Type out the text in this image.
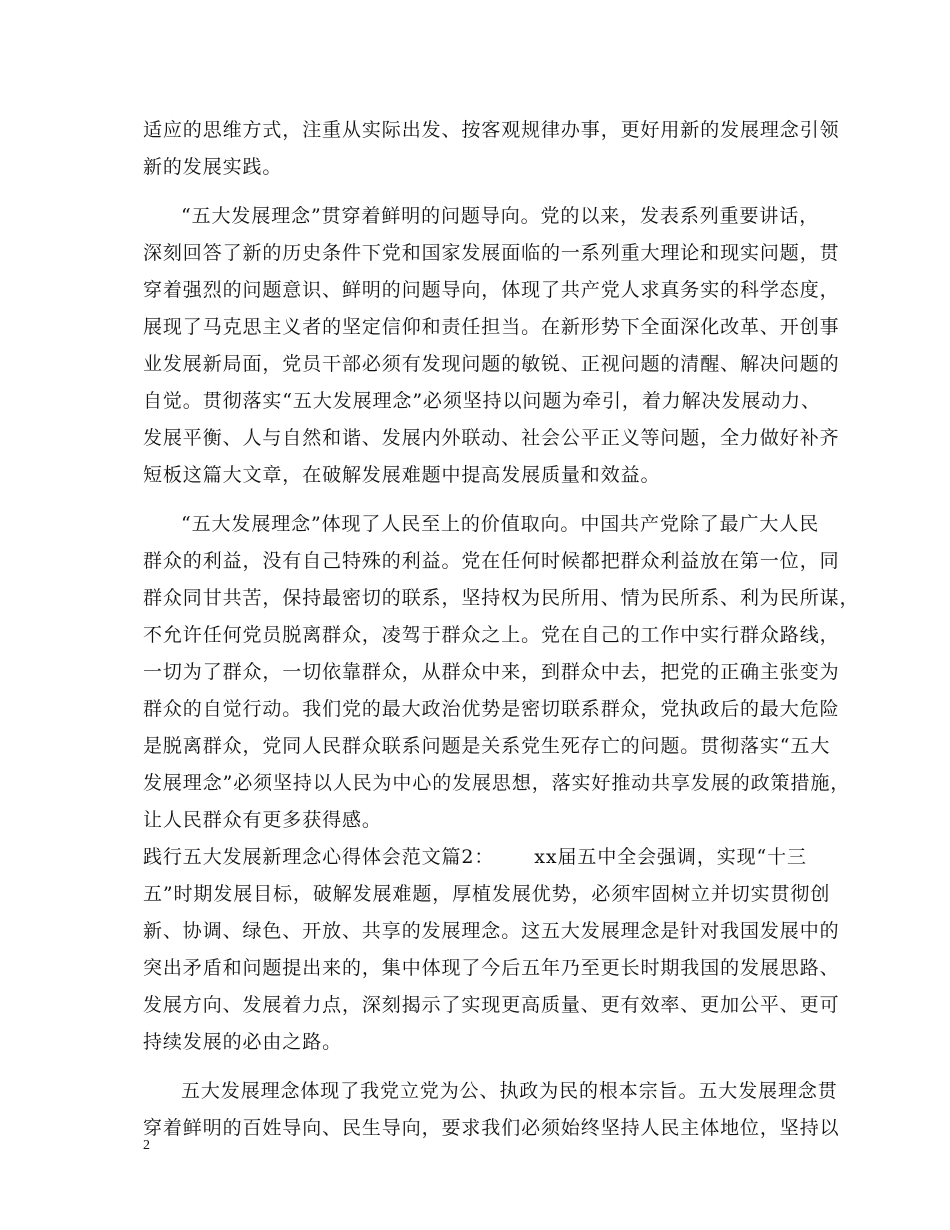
适应的思维方式，注重从实际出发、按客观规律办事，更好用新的发展理念引领
新的发展实践。
“五大发展理念”贯穿着鲜明的问题导向。党的以来，发表系列重要讲话，
深刻回答了新的历史条件下党和国家发展面临的一系列重大理论和现实问题，贯
穿着强烈的问题意识、鲜明的问题导向，体现了共产党人求真务实的科学态度，
展现了马克思主义者的坚定信仰和责任担当。在新形势下全面深化改革、开创事
业发展新局面，党员干部必须有发现问题的敏锐、正视问题的清醒、解决问题的
自觉。贯彻落实“五大发展理念”必须坚持以问题为牵引，着力解决发展动力、
发展平衡、人与自然和谐、发展内外联动、社会公平正义等问题，全力做好补齐
短板这篇大文章，在破解发展难题中提高发展质量和效益。
“五大发展理念”体现了人民至上的价值取向。中国共产党除了最广大人民
群众的利益，没有自己特殊的利益。党在任何时候都把群众利益放在第一位，同
群众同甘共苦，保持最密切的联系，坚持权为民所用、情为民所系、利为民所谋，
不允许任何党员脱离群众，凌驾于群众之上。党在自己的工作中实行群众路线，
一切为了群众，一切依靠群众，从群众中来，到群众中去，把党的正确主张变为
群众的自觉行动。我们党的最大政治优势是密切联系群众，党执政后的最大危险
是脱离群众，党同人民群众联系问题是关系党生死存亡的问题。贯彻落实“五大
发展理念”必须坚持以人民为中心的发展思想，落实好推动共享发展的政策措施，
让人民群众有更多获得感。
践行五大发展新理念心得体会范文篇2： xx届五中全会强调，实现“十三
五”时期发展目标，破解发展难题，厚植发展优势，必须牢固树立并切实贯彻创
新、协调、绿色、开放、共享的发展理念。这五大发展理念是针对我国发展中的
突出矛盾和问题提出来的，集中体现了今后五年乃至更长时期我国的发展思路、
发展方向、发展着力点，深刻揭示了实现更高质量、更有效率、更加公平、更可
持续发展的必由之路。
五大发展理念体现了我党立党为公、执政为民的根本宗旨。五大发展理念贯
穿着鲜明的百姓导向、民生导向，要求我们必须始终坚持人民主体地位，坚持以
2
